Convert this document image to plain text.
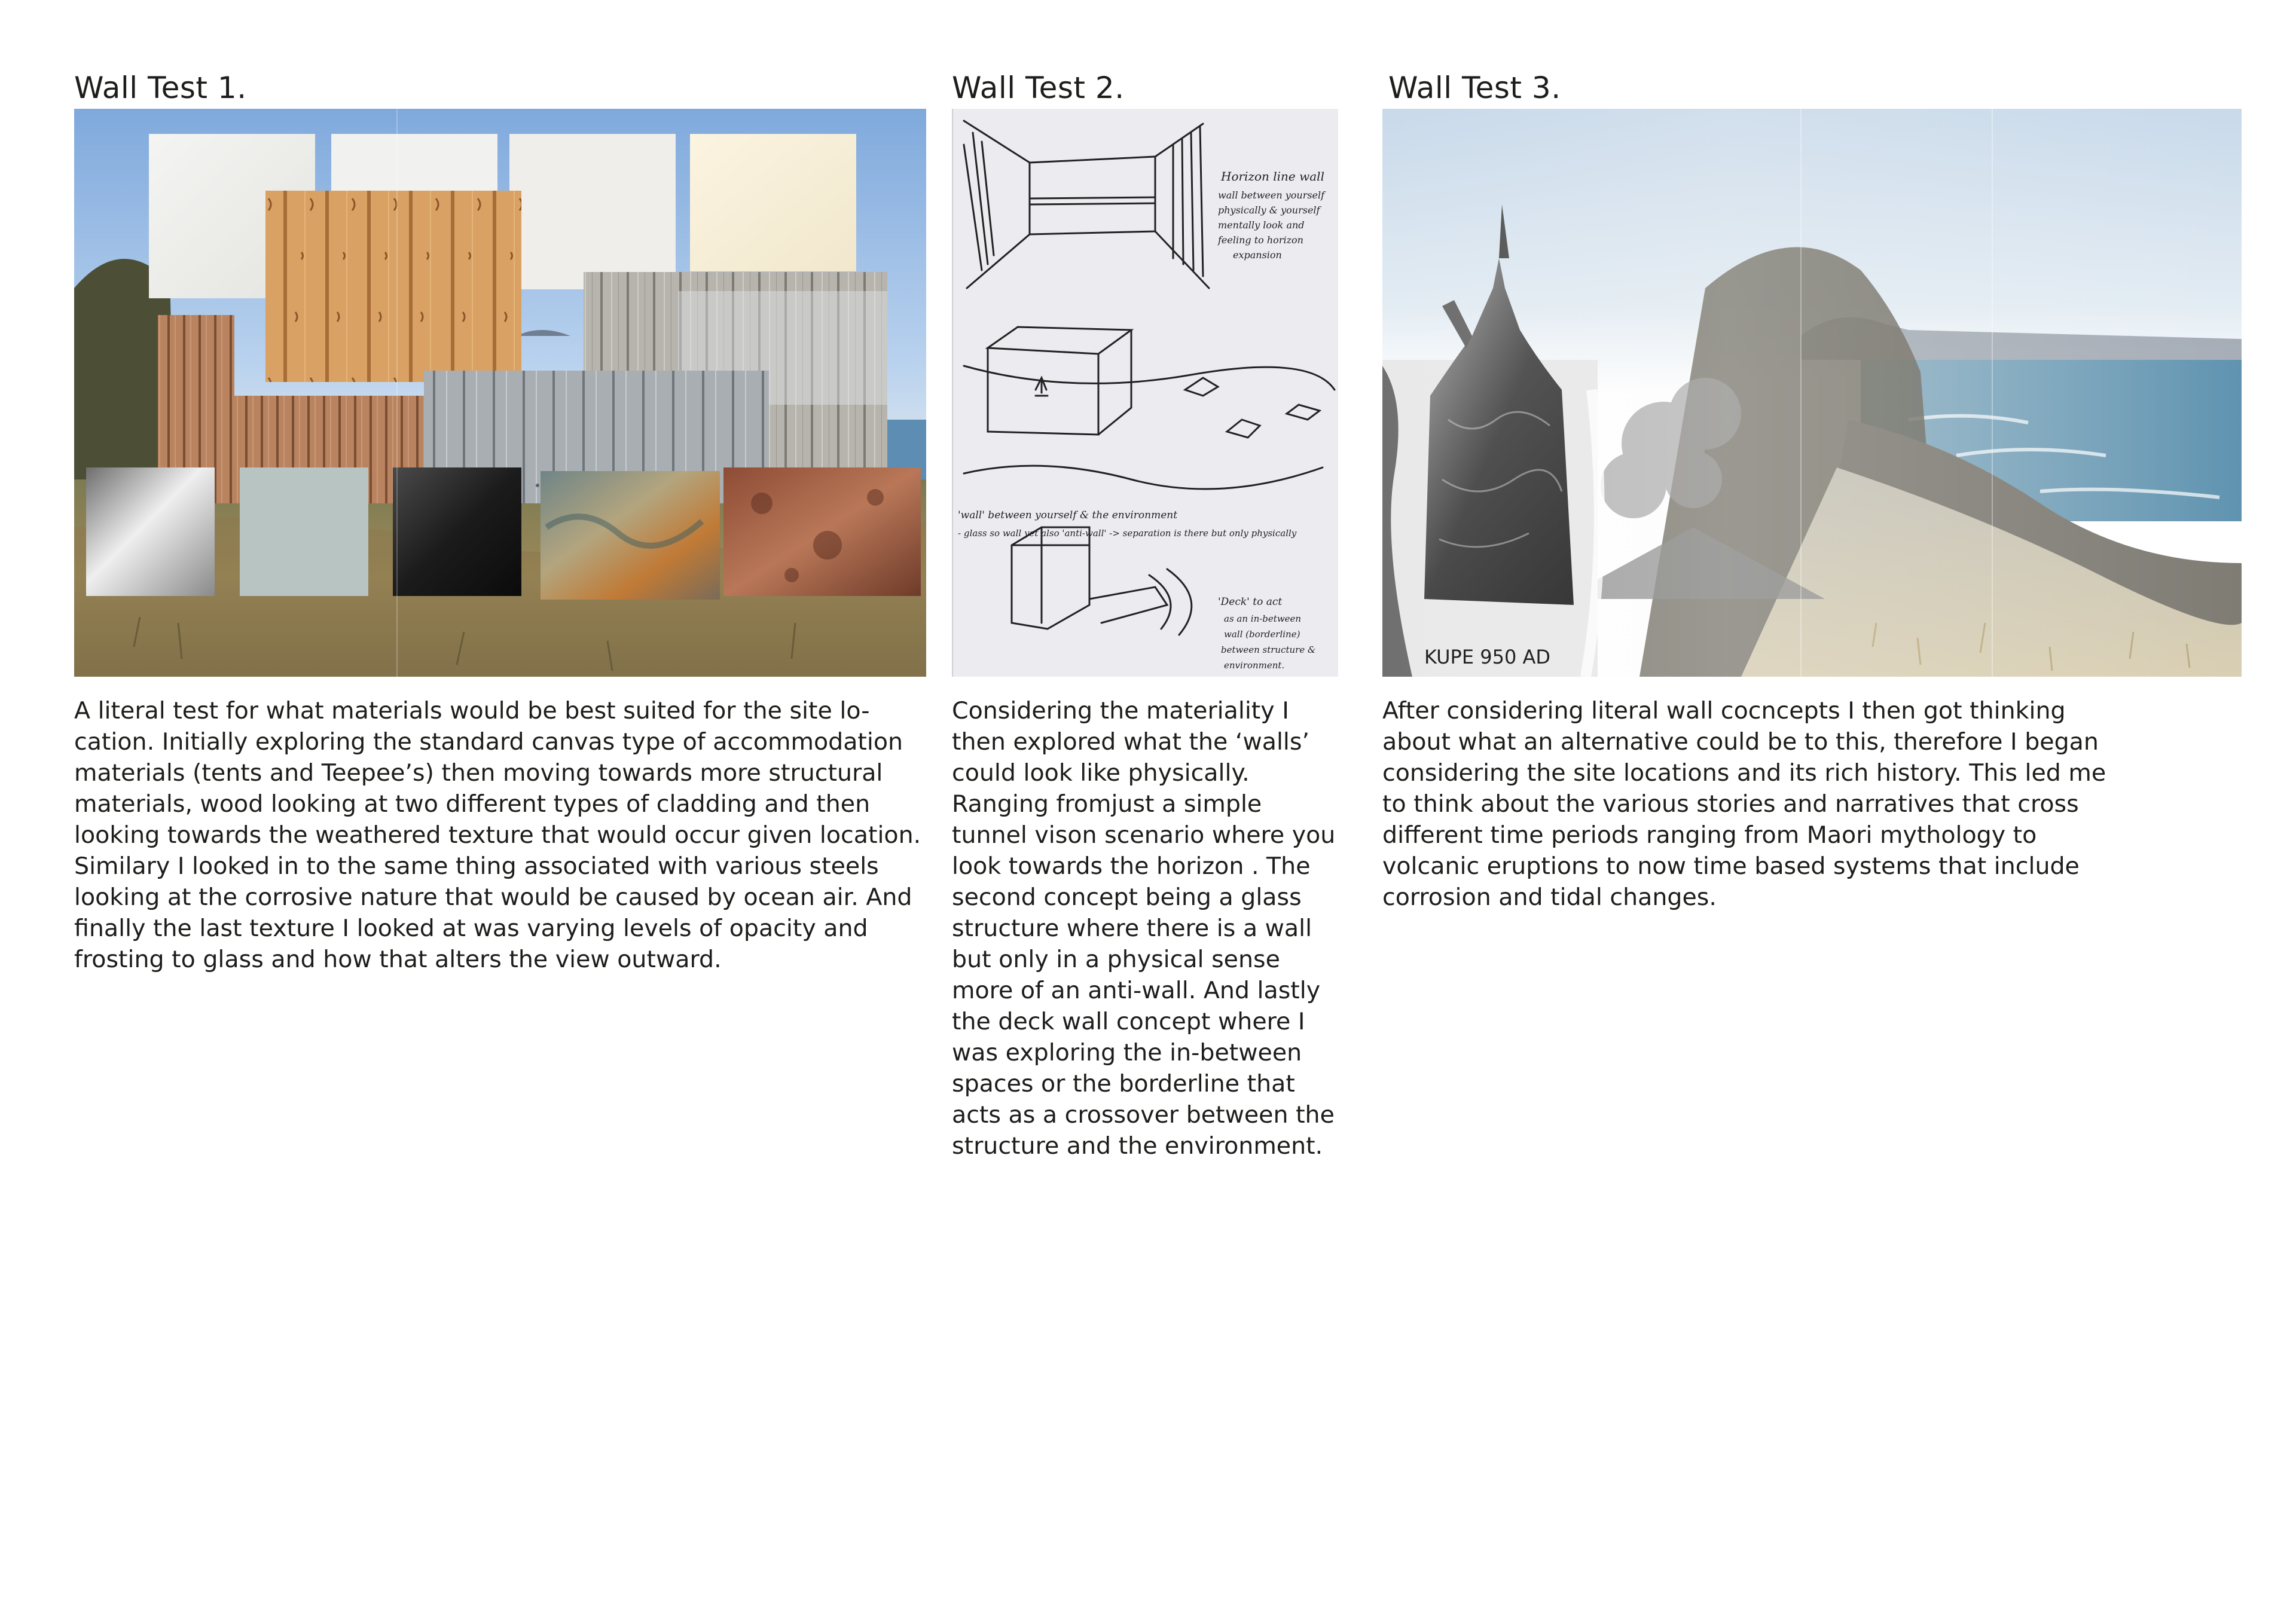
Wall Test 1.

A literal test for what materials would be best suited for the site lo-cation. Initially exploring the standard canvas type of accommodation materials (tents and Teepee’s) then moving towards more structural materials, wood looking at two different types of cladding and then looking towards the weathered texture that would occur given location. Similary I looked in to the same thing associated with various steels looking at the corrosive nature that would be caused by ocean air. And finally the last texture I looked at was varying levels of opacity and frosting to glass and how that alters the view outward.

Wall Test 2.
Horizon line wall
wall between yourself
physically & yourself
mentally look and
feeling to horizon
expansion
'wall' between yourself & the environment
- glass so wall yet also 'anti-wall' -> separation is there but only physically
'Deck' to act
as an in-between
wall (borderline)
between structure &
environment.

Considering the materiality I then explored what the ‘walls’ could look like physically. Ranging fromjust a simple tunnel vison scenario where you look towards the horizon . The second concept being a glass structure where there is a wall but only in a physical sense more of an anti-wall. And lastly the deck wall concept where I was exploring the in-between spaces or the borderline that acts as a crossover between the structure and the environment.

Wall Test 3.
KUPE 950 AD

After considering literal wall cocncepts I then got thinking about what an alternative could be to this, therefore I began considering the site locations and its rich history. This led me to think about the various stories and narratives that cross different time periods ranging from Maori mythology to volcanic eruptions to now time based systems that include corrosion and tidal changes.
